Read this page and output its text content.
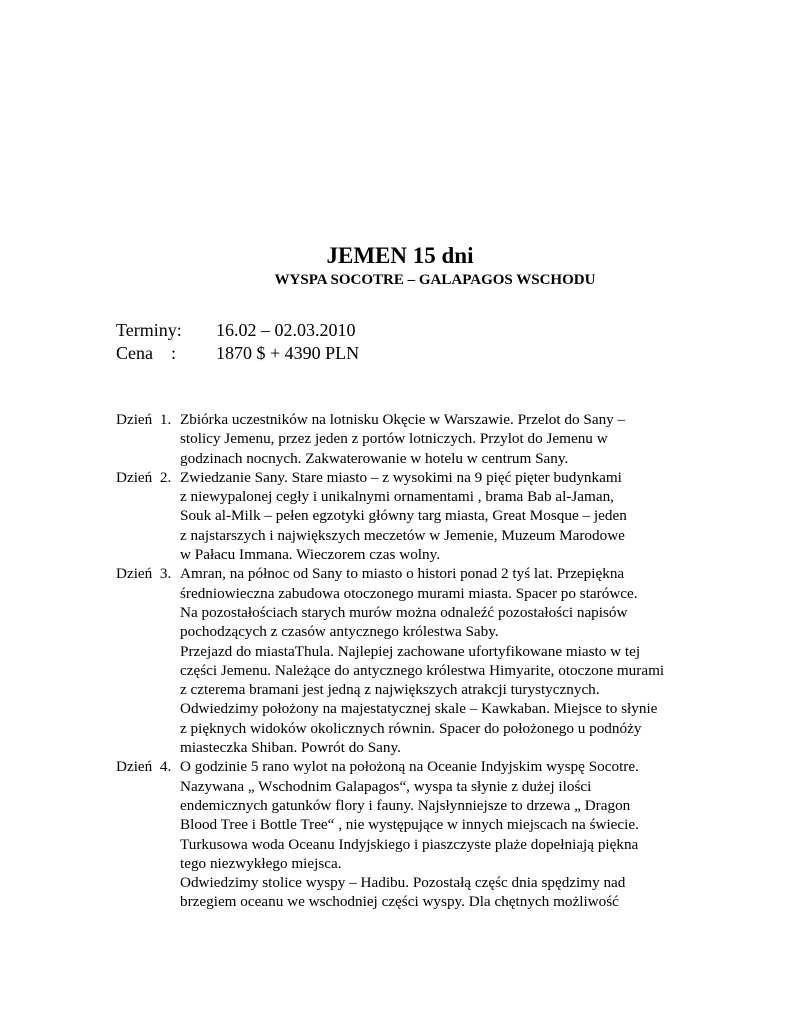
JEMEN 15 dni
WYSPA SOCOTRE – GALAPAGOS WSCHODU
Terminy: 16.02 – 02.03.2010
Cena    : 1870 $ + 4390 PLN
Dzień  1. Zbiórka uczestników na lotnisku Okęcie w Warszawie. Przelot do Sany –
stolicy Jemenu, przez jeden z portów lotniczych. Przylot do Jemenu w
godzinach nocnych. Zakwaterowanie w hotelu w centrum Sany.
Dzień  2. Zwiedzanie Sany. Stare miasto – z wysokimi na 9 pięć pięter budynkami
z niewypalonej cegły i unikalnymi ornamentami , brama Bab al-Jaman,
Souk al-Milk – pełen egzotyki główny targ miasta, Great Mosque – jeden
z najstarszych i największych meczetów w Jemenie, Muzeum Marodowe
w Pałacu Immana. Wieczorem czas wolny.
Dzień  3. Amran, na północ od Sany to miasto o histori ponad 2 tyś lat. Przepiękna
średniowieczna zabudowa otoczonego murami miasta. Spacer po starówce.
Na pozostałościach starych murów można odnaleźć pozostałości napisów
pochodzących z czasów antycznego królestwa Saby.
Przejazd do miastaThula. Najlepiej zachowane ufortyfikowane miasto w tej
części Jemenu. Należące do antycznego królestwa Himyarite, otoczone murami
z czterema bramani jest jedną z największych atrakcji turystycznych.
Odwiedzimy położony na majestatycznej skale – Kawkaban. Miejsce to słynie
z pięknych widoków okolicznych równin. Spacer do położonego u podnóży
miasteczka Shiban. Powrót do Sany.
Dzień  4. O godzinie 5 rano wylot na położoną na Oceanie Indyjskim wyspę Socotre.
Nazywana „ Wschodnim Galapagos“, wyspa ta słynie z dużej ilości
endemicznych gatunków flory i fauny. Najsłynniejsze to drzewa „ Dragon
Blood Tree i Bottle Tree“ , nie występujące w innych miejscach na świecie.
Turkusowa woda Oceanu Indyjskiego i piaszczyste plaże dopełniają piękna
tego niezwykłego miejsca.
Odwiedzimy stolice wyspy – Hadibu. Pozostałą częśc dnia spędzimy nad
brzegiem oceanu we wschodniej części wyspy. Dla chętnych możliwość
